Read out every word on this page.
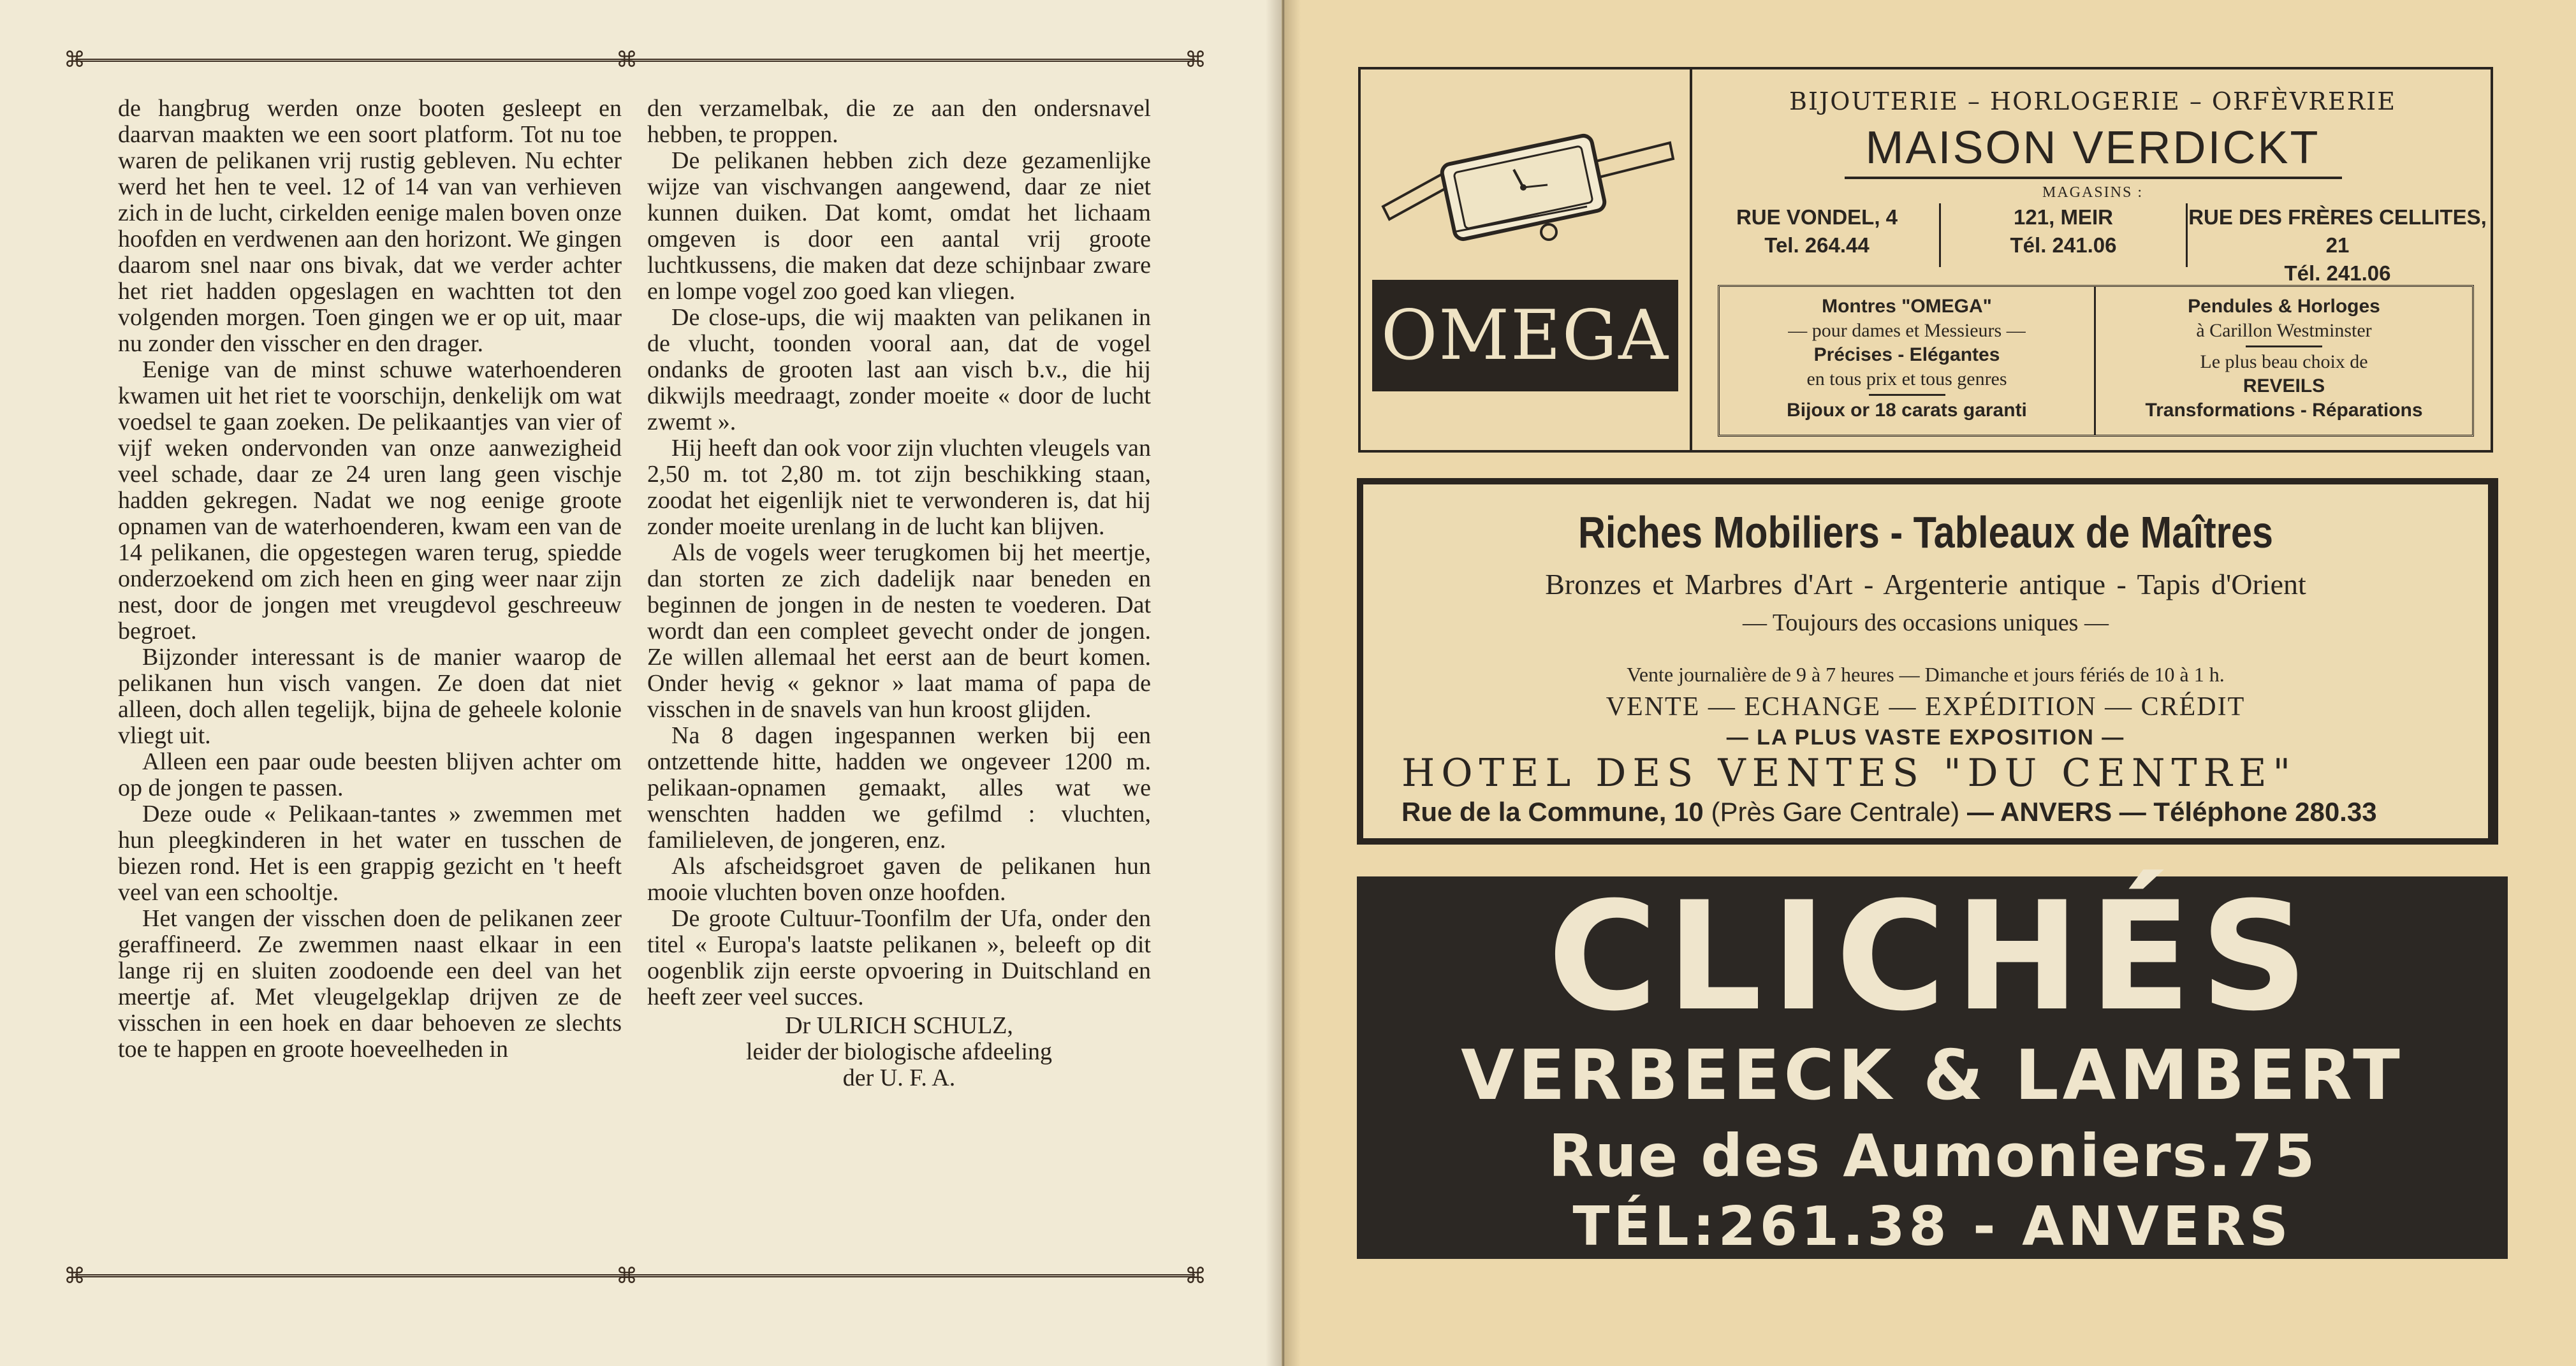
⌘	⌘
⌘	⌘
⌘
⌘

de hangbrug werden onze booten gesleept en daarvan maakten we een soort platform. Tot nu toe waren de pelikanen vrij rustig gebleven. Nu echter werd het hen te veel. 12 of 14 van van verhieven zich in de lucht, cirkelden eenige malen boven onze hoofden en verdwenen aan den horizont. We gingen daarom snel naar ons bivak, dat we verder achter het riet hadden opgeslagen en wachtten tot den volgenden morgen. Toen gingen we er op uit, maar nu zonder den visscher en den drager.

Eenige van de minst schuwe waterhoenderen kwamen uit het riet te voorschijn, denkelijk om wat voedsel te gaan zoeken. De pelikaantjes van vier of vijf weken ondervonden van onze aanwezigheid veel schade, daar ze 24 uren lang geen vischje hadden gekregen. Nadat we nog eenige groote opnamen van de waterhoenderen, kwam een van de 14 pelikanen, die opgestegen waren terug, spiedde onderzoekend om zich heen en ging weer naar zijn nest, door de jongen met vreugdevol geschreeuw begroet.

Bijzonder interessant is de manier waarop de pelikanen hun visch vangen. Ze doen dat niet alleen, doch allen tegelijk, bijna de geheele kolonie vliegt uit.

Alleen een paar oude beesten blijven achter om op de jongen te passen.

Deze oude « Pelikaan-tantes » zwemmen met hun pleegkinderen in het water en tusschen de biezen rond. Het is een grappig gezicht en 't heeft veel van een schooltje.

Het vangen der visschen doen de pelikanen zeer geraffineerd. Ze zwemmen naast elkaar in een lange rij en sluiten zoodoende een deel van het meertje af. Met vleugelgeklap drijven ze de visschen in een hoek en daar behoeven ze slechts toe te happen en groote hoeveelheden in

den verzamelbak, die ze aan den ondersnavel hebben, te proppen.

De pelikanen hebben zich deze gezamenlijke wijze van vischvangen aangewend, daar ze niet kunnen duiken. Dat komt, omdat het lichaam omgeven is door een aantal vrij groote luchtkussens, die maken dat deze schijnbaar zware en lompe vogel zoo goed kan vliegen.

De close-ups, die wij maakten van pelikanen in de vlucht, toonden vooral aan, dat de vogel ondanks de grooten last aan visch b.v., die hij dikwijls meedraagt, zonder moeite « door de lucht zwemt ».

Hij heeft dan ook voor zijn vluchten vleugels van 2,50 m. tot 2,80 m. tot zijn beschikking staan, zoodat het eigenlijk niet te verwonderen is, dat hij zonder moeite urenlang in de lucht kan blijven.

Als de vogels weer terugkomen bij het meertje, dan storten ze zich dadelijk naar beneden en beginnen de jongen in de nesten te voederen. Dat wordt dan een compleet gevecht onder de jongen. Ze willen allemaal het eerst aan de beurt komen. Onder hevig « geknor » laat mama of papa de visschen in de snavels van hun kroost glijden.

Na 8 dagen ingespannen werken bij een ontzettende hitte, hadden we ongeveer 1200 m. pelikaan-opnamen gemaakt, alles wat we wenschten hadden we gefilmd : vluchten, familieleven, de jongeren, enz.

Als afscheidsgroet gaven de pelikanen hun mooie vluchten boven onze hoofden.

De groote Cultuur-Toonfilm der Ufa, onder den titel « Europa's laatste pelikanen », beleeft op dit oogenblik zijn eerste opvoering in Duitschland en heeft zeer veel succes.

Dr ULRICH SCHULZ,
leider der biologische afdeeling
der U. F. A.
OMEGA
BIJOUTERIE – HORLOGERIE – ORFÈVRERIE
MAISON VERDICKT
MAGASINS :
RUE VONDEL, 4
Tel. 264.44
121, MEIR
Tél. 241.06
RUE DES FRÈRES CELLITES, 21
Tél. 241.06
Montres "OMEGA"
— pour dames et Messieurs —
Précises - Elégantes
en tous prix et tous genres
Bijoux or 18 carats garanti
Pendules & Horloges
à Carillon Westminster
Le plus beau choix de
REVEILS
Transformations - Réparations
Riches Mobiliers - Tableaux de Maîtres
Bronzes et Marbres d'Art - Argenterie antique - Tapis d'Orient
— Toujours des occasions uniques —
Vente journalière de 9 à 7 heures — Dimanche et jours fériés de 10 à 1 h.
VENTE — ECHANGE — EXPÉDITION — CRÉDIT
— LA PLUS VASTE EXPOSITION —
HOTEL DES VENTES "DU CENTRE"
Rue de la Commune, 10 (Près Gare Centrale) — ANVERS — Téléphone 280.33
CLICHÉS
VERBEECK & LAMBERT
Rue des Aumoniers.75
TÉL:261.38 - ANVERS
